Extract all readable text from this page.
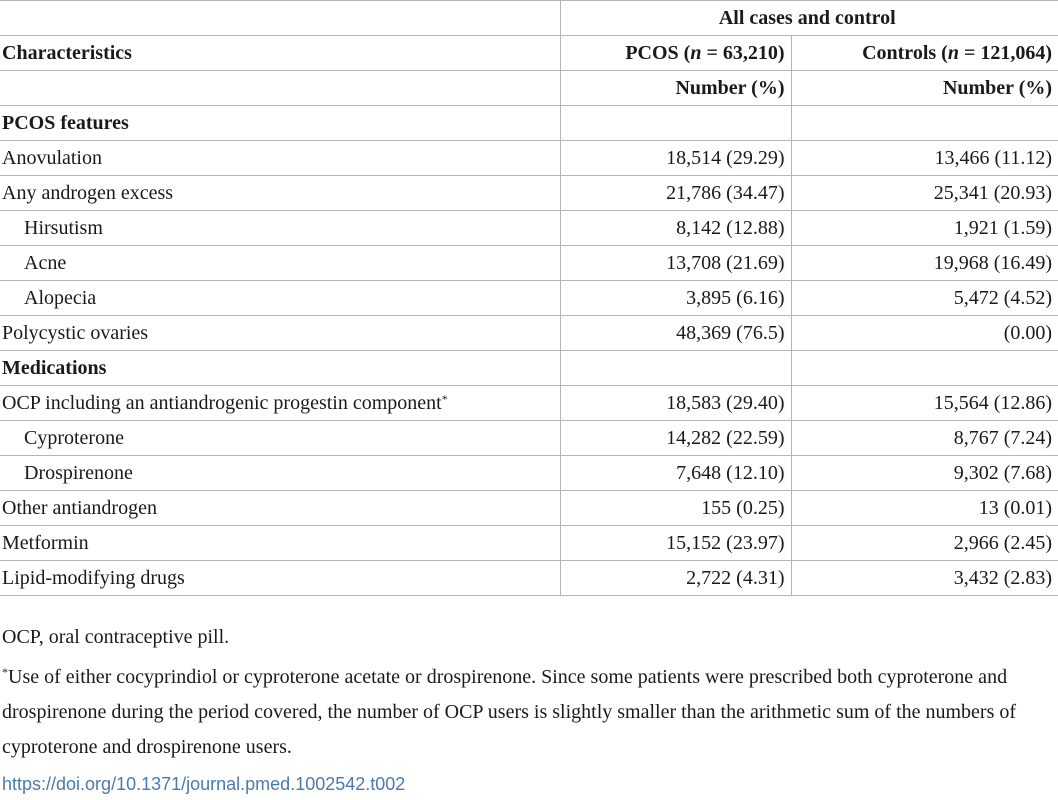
	All cases and control	
Characteristics	PCOS (n = 63,210)	Controls (n = 121,064)
	Number (%)	Number (%)
PCOS features		
Anovulation	18,514 (29.29)	13,466 (11.12)
Any androgen excess	21,786 (34.47)	25,341 (20.93)
Hirsutism	8,142 (12.88)	1,921 (1.59)
Acne	13,708 (21.69)	19,968 (16.49)
Alopecia	3,895 (6.16)	5,472 (4.52)
Polycystic ovaries	48,369 (76.5)	(0.00)
Medications		
OCP including an antiandrogenic progestin component*	18,583 (29.40)	15,564 (12.86)
Cyproterone	14,282 (22.59)	8,767 (7.24)
Drospirenone	7,648 (12.10)	9,302 (7.68)
Other antiandrogen	155 (0.25)	13 (0.01)
Metformin	15,152 (23.97)	2,966 (2.45)
Lipid-modifying drugs	2,722 (4.31)	3,432 (2.83)

OCP, oral contraceptive pill.

*Use of either cocyprindiol or cyproterone acetate or drospirenone. Since some patients were prescribed both cyproterone and drospirenone during the period covered, the number of OCP users is slightly smaller than the arithmetic sum of the numbers of cyproterone and drospirenone users.

https://doi.org/10.1371/journal.pmed.1002542.t002
